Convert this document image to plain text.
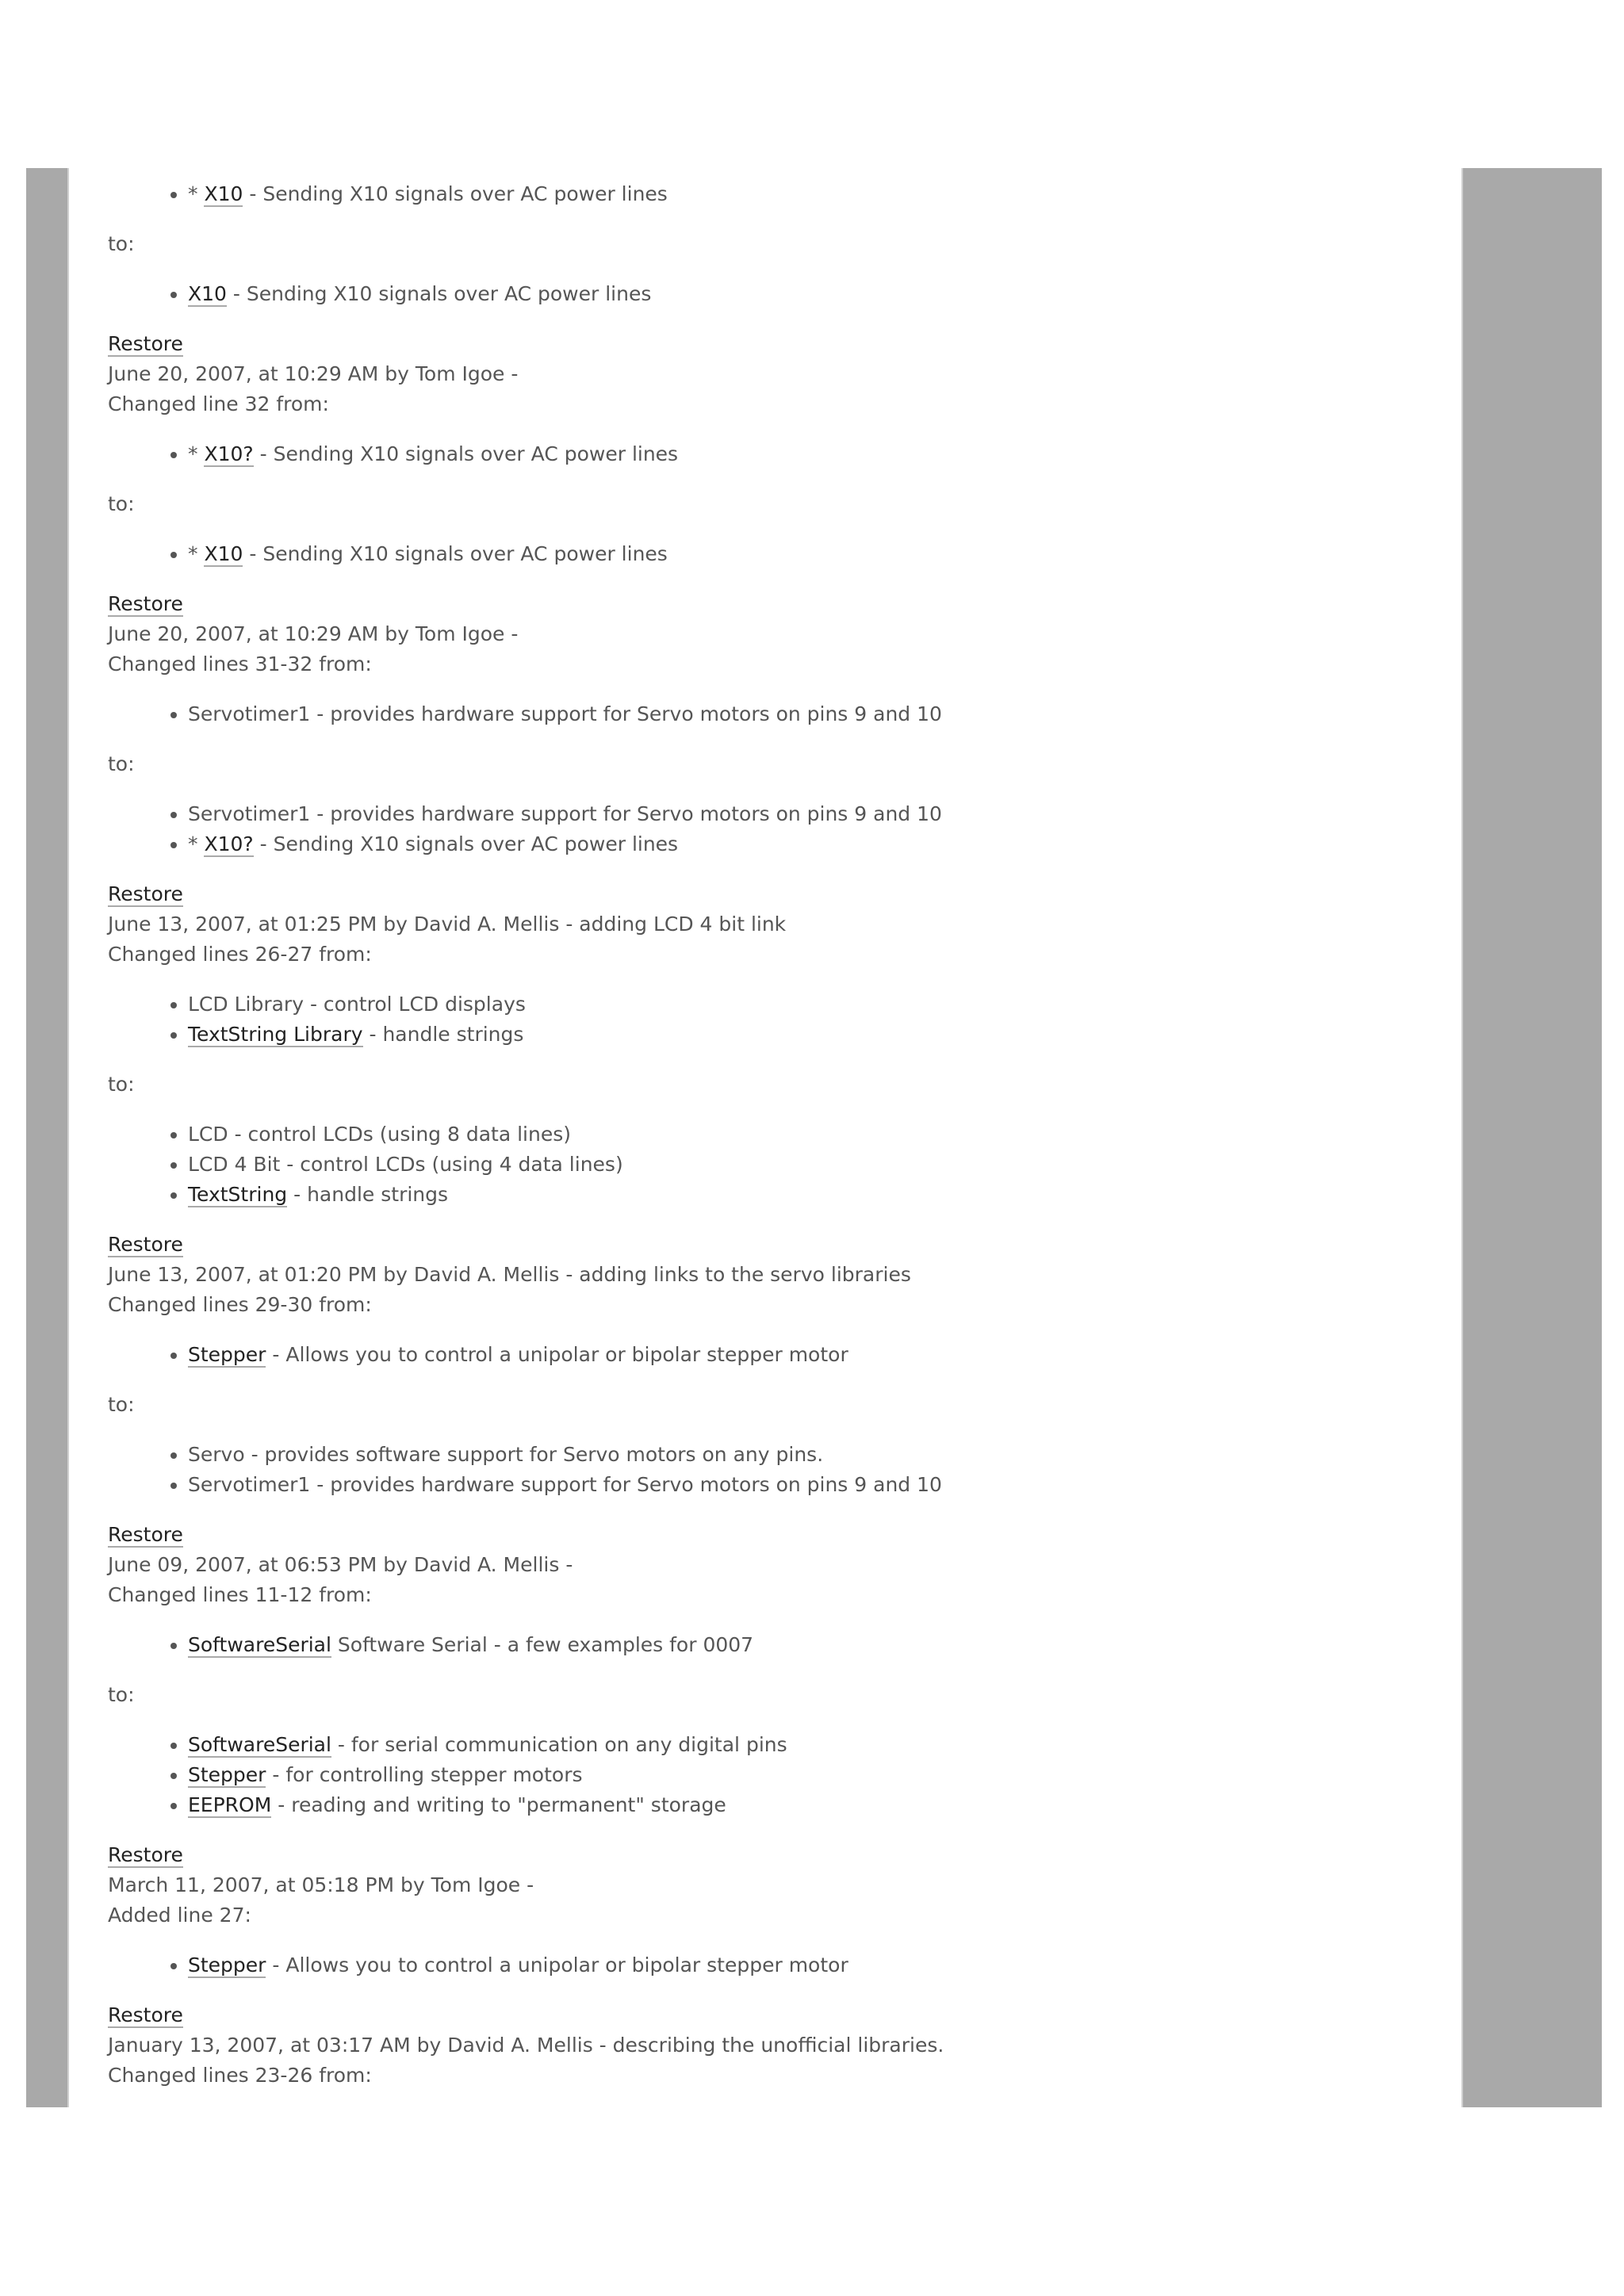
• * X10 - Sending X10 signals over AC power lines
to:
• X10 - Sending X10 signals over AC power lines
Restore
June 20, 2007, at 10:29 AM by Tom Igoe -
Changed line 32 from:
• * X10? - Sending X10 signals over AC power lines
to:
• * X10 - Sending X10 signals over AC power lines
Restore
June 20, 2007, at 10:29 AM by Tom Igoe -
Changed lines 31-32 from:
• Servotimer1 - provides hardware support for Servo motors on pins 9 and 10
to:
• Servotimer1 - provides hardware support for Servo motors on pins 9 and 10
• * X10? - Sending X10 signals over AC power lines
Restore
June 13, 2007, at 01:25 PM by David A. Mellis - adding LCD 4 bit link
Changed lines 26-27 from:
• LCD Library - control LCD displays
• TextString Library - handle strings
to:
• LCD - control LCDs (using 8 data lines)
• LCD 4 Bit - control LCDs (using 4 data lines)
• TextString - handle strings
Restore
June 13, 2007, at 01:20 PM by David A. Mellis - adding links to the servo libraries
Changed lines 29-30 from:
• Stepper - Allows you to control a unipolar or bipolar stepper motor
to:
• Servo - provides software support for Servo motors on any pins.
• Servotimer1 - provides hardware support for Servo motors on pins 9 and 10
Restore
June 09, 2007, at 06:53 PM by David A. Mellis -
Changed lines 11-12 from:
• SoftwareSerial Software Serial - a few examples for 0007
to:
• SoftwareSerial - for serial communication on any digital pins
• Stepper - for controlling stepper motors
• EEPROM - reading and writing to "permanent" storage
Restore
March 11, 2007, at 05:18 PM by Tom Igoe -
Added line 27:
• Stepper - Allows you to control a unipolar or bipolar stepper motor
Restore
January 13, 2007, at 03:17 AM by David A. Mellis - describing the unofficial libraries.
Changed lines 23-26 from:
